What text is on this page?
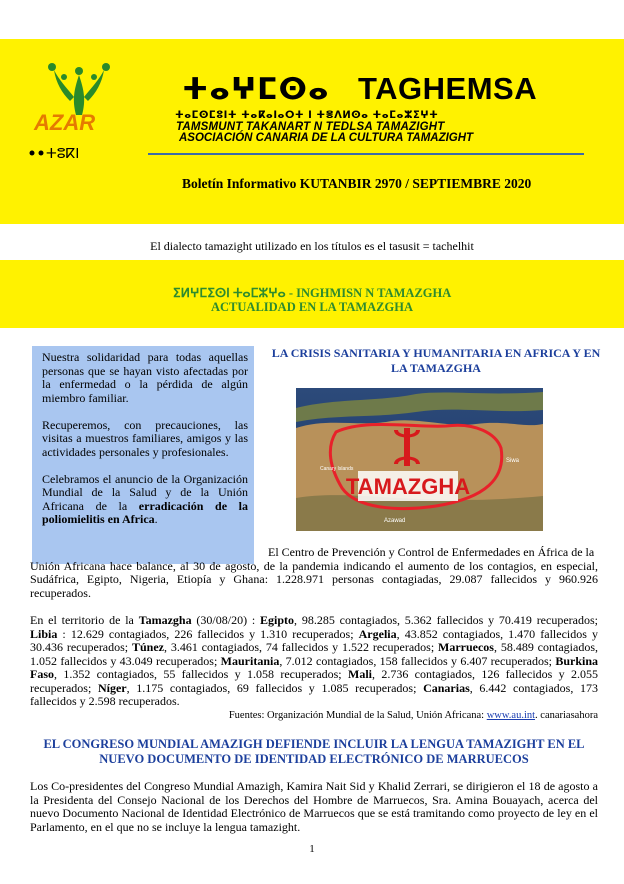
AZAR
ⵜⵓⴽⵏ
ⵜⴰⵖⵎⵙⴰ TAGHEMSA
ⵜⴰⵎⵙⵎⵓⵏⵜ ⵜⴰⴽⴰⵏⴰⵔⵜ ⵏ ⵜⴻⴷⵍⵙⴰ ⵜⴰⵎⴰⵣⵉⵖⵜ
TAMSMUNT TAKANART N TEDLSA TAMAZIGHT
ASOCIACIÓN CANARIA DE LA CULTURA TAMAZIGHT
Boletín Informativo KUTANBIR 2970 / SEPTIEMBRE 2020
El dialecto tamazight utilizado en los títulos es el tasusit = tachelhit
ⵉⵍⵖⵎⵉⵙⵏ ⵜⴰⵎⵣⵖⴰ - INGHMISN N TAMAZGHA
ACTUALIDAD EN LA TAMAZGHA

Nuestra solidaridad para todas aquellas personas que se hayan visto afectadas por la enfermedad o la pérdida de algún miembro familiar.

Recuperemos, con precauciones, las visitas a muestros familiares, amigos y las actividades personales y profesionales.

Celebramos el anuncio de la Organización Mundial de la Salud y de la Unión Africana de la erradicación de la poliomielitis en Africa.

LA CRISIS SANITARIA Y HUMANITARIA EN AFRICA Y EN LA TAMAZGHA
TAMAZGHA
Canary Islands
Siwa
Azawad
El Centro de Prevención y Control de Enfermedades en África de la
Unión Africana hace balance, al 30 de agosto, de la pandemia indicando el aumento de los contagios, en especial, Sudáfrica, Egipto, Nigeria, Etiopía y Ghana: 1.228.971 personas contagiadas, 29.087 fallecidos y 960.926 recuperados.
En el territorio de la Tamazgha (30/08/20) : Egipto, 98.285 contagiados, 5.362 fallecidos y 70.419 recuperados; Libia : 12.629 contagiados, 226 fallecidos y 1.310 recuperados; Argelia, 43.852 contagiados, 1.470 fallecidos y 30.436 recuperados; Túnez, 3.461 contagiados, 74 fallecidos y 1.522 recuperados; Marruecos, 58.489 contagiados, 1.052 fallecidos y 43.049 recuperados; Mauritania, 7.012 contagiados, 158 fallecidos y 6.407 recuperados; Burkina Faso, 1.352 contagiados, 55 fallecidos y 1.058 recuperados; Mali, 2.736 contagiados, 126 fallecidos y 2.055 recuperados; Níger, 1.175 contagiados, 69 fallecidos y 1.085 recuperados; Canarias, 6.442 contagiados, 173 fallecidos y 2.598 recuperados.
Fuentes: Organización Mundial de la Salud, Unión Africana: www.au.int. canariasahora
EL CONGRESO MUNDIAL AMAZIGH DEFIENDE INCLUIR LA LENGUA TAMAZIGHT EN EL NUEVO DOCUMENTO DE IDENTIDAD ELECTRÓNICO DE MARRUECOS
Los Co-presidentes del Congreso Mundial Amazigh, Kamira Nait Sid y Khalid Zerrari, se dirigieron el 18 de agosto a la Presidenta del Consejo Nacional de los Derechos del Hombre de Marruecos, Sra. Amina Bouayach, acerca del nuevo Documento Nacional de Identidad Electrónico de Marruecos que se está tramitando como proyecto de ley en el Parlamento, en el que no se incluye la lengua tamazight.
1
